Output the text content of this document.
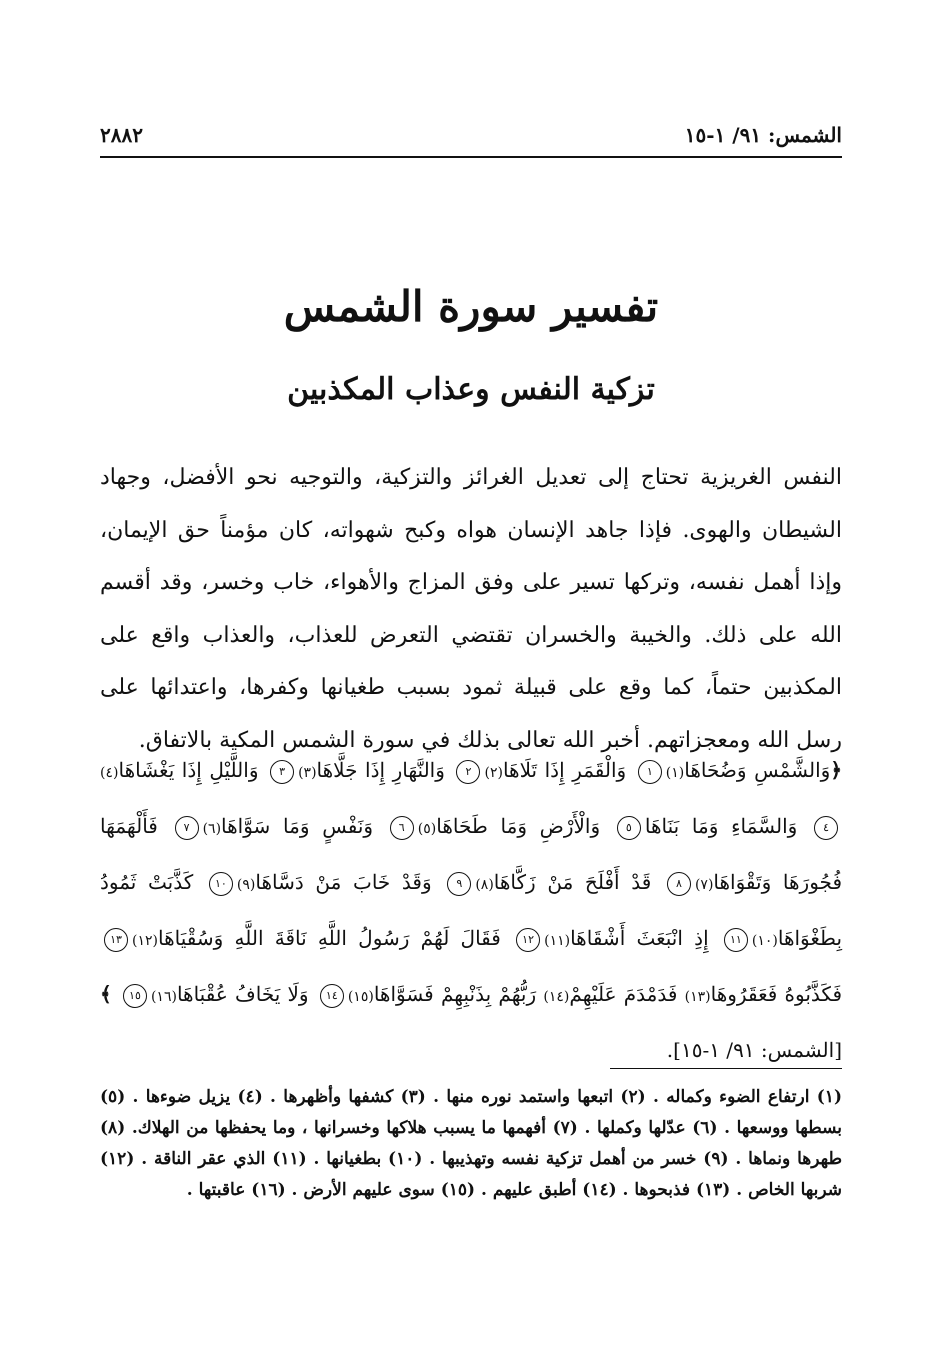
الشمس: ٩١/ ١-١٥
٢٨٨٢
تفسير سورة الشمس
تزكية النفس وعذاب المكذبين

النفس الغريزية تحتاج إلى تعديل الغرائز والتزكية، والتوجيه نحو الأفضل، وجهاد الشيطان والهوى. فإذا جاهد الإنسان هواه وكبح شهواته، كان مؤمناً حق الإيمان، وإذا أهمل نفسه، وتركها تسير على وفق المزاج والأهواء، خاب وخسر، وقد أقسم الله على ذلك. والخيبة والخسران تقتضي التعرض للعذاب، والعذاب واقع على المكذبين حتماً، كما وقع على قبيلة ثمود بسبب طغيانها وكفرها، واعتدائها على رسل الله ومعجزاتهم. أخبر الله تعالى بذلك في سورة الشمس المكية بالاتفاق.

﴿وَالشَّمْسِ وَضُحَاهَا(١)١ وَالْقَمَرِ إِذَا تَلَاهَا(٢)٢ وَالنَّهَارِ إِذَا جَلَّاهَا(٣)٣ وَاللَّيْلِ إِذَا يَغْشَاهَا(٤)٤ وَالسَّمَاءِ وَمَا بَنَاهَا٥ وَالْأَرْضِ وَمَا طَحَاهَا(٥)٦ وَنَفْسٍ وَمَا سَوَّاهَا(٦)٧ فَأَلْهَمَهَا فُجُورَهَا وَتَقْوَاهَا(٧)٨ قَدْ أَفْلَحَ مَنْ زَكَّاهَا(٨)٩ وَقَدْ خَابَ مَنْ دَسَّاهَا(٩)١٠ كَذَّبَتْ ثَمُودُ بِطَغْوَاهَا(١٠)١١ إِذِ انْبَعَثَ أَشْقَاهَا(١١)١٢ فَقَالَ لَهُمْ رَسُولُ اللَّهِ نَاقَةَ اللَّهِ وَسُقْيَاهَا(١٢)١٣ فَكَذَّبُوهُ فَعَقَرُوهَا(١٣) فَدَمْدَمَ عَلَيْهِمْ(١٤) رَبُّهُمْ بِذَنْبِهِمْ فَسَوَّاهَا(١٥)١٤ وَلَا يَخَافُ عُقْبَاهَا(١٦)١٥ ﴾ [الشمس: ٩١/ ١-١٥].

(١) ارتفاع الضوء وكماله . (٢) اتبعها واستمد نوره منها . (٣) كشفها وأظهرها . (٤) يزيل ضوءها . (٥) بسطها ووسعها . (٦) عدّلها وكملها . (٧) أفهمها ما يسبب هلاكها وخسرانها ، وما يحفظها من الهلاك. (٨) طهرها ونماها . (٩) خسر من أهمل تزكية نفسه وتهذيبها . (١٠) بطغيانها . (١١) الذي عقر الناقة . (١٢) شربها الخاص . (١٣) فذبحوها . (١٤) أطبق عليهم . (١٥) سوى عليهم الأرض . (١٦) عاقبتها .
